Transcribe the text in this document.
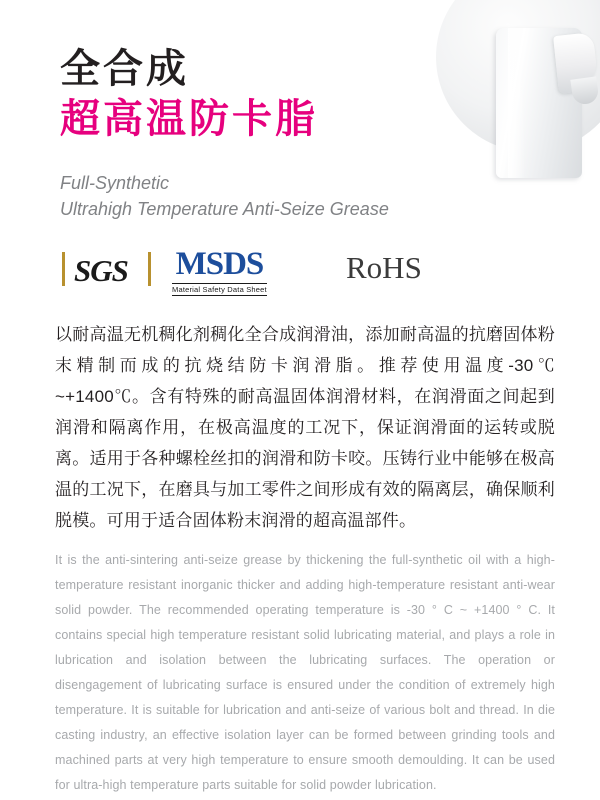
全合成
超高温防卡脂
Full-Synthetic
Ultrahigh Temperature Anti-Seize Grease
SGS MSDS
Material Safety Data Sheet
RoHS
以耐高温无机稠化剂稠化全合成润滑油，添加耐高温的抗磨固体粉末精制而成的抗烧结防卡润滑脂。推荐使用温度-30℃ ~+1400℃。含有特殊的耐高温固体润滑材料，在润滑面之间起到润滑和隔离作用，在极高温度的工况下，保证润滑面的运转或脱离。适用于各种螺栓丝扣的润滑和防卡咬。压铸行业中能够在极高温的工况下，在磨具与加工零件之间形成有效的隔离层，确保顺利脱模。可用于适合固体粉末润滑的超高温部件。
It is the anti-sintering anti-seize grease by thickening the full-synthetic oil with a high-temperature resistant inorganic thicker and adding high-temperature resistant anti-wear solid powder. The recommended operating temperature is -30 ° C ~ +1400 ° C. It contains special high temperature resistant solid lubricating material, and plays a role in lubrication and isolation between the lubricating surfaces. The operation or disengagement of lubricating surface is ensured under the condition of extremely high temperature. It is suitable for lubrication and anti-seize of various bolt and thread. In die casting industry, an effective isolation layer can be formed between grinding tools and machined parts at very high temperature to ensure smooth demoulding. It can be used for ultra-high temperature parts suitable for solid powder lubrication.
